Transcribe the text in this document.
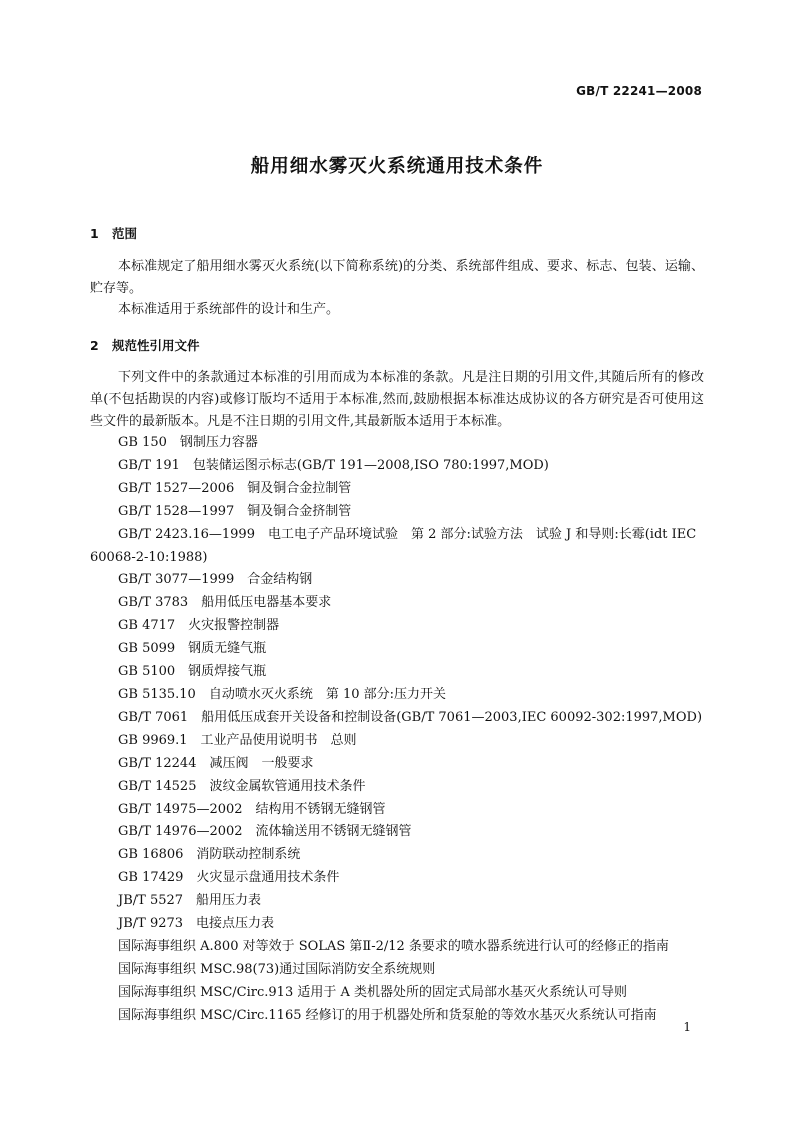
GB/T 22241—2008
船用细水雾灭火系统通用技术条件
1 范围
本标准规定了船用细水雾灭火系统(以下简称系统)的分类、系统部件组成、要求、标志、包装、运输、贮存等。
本标准适用于系统部件的设计和生产。
2 规范性引用文件
下列文件中的条款通过本标准的引用而成为本标准的条款。凡是注日期的引用文件,其随后所有的修改单(不包括勘误的内容)或修订版均不适用于本标准,然而,鼓励根据本标准达成协议的各方研究是否可使用这些文件的最新版本。凡是不注日期的引用文件,其最新版本适用于本标准。
GB 150　钢制压力容器
GB/T 191　包装储运图示标志(GB/T 191—2008,ISO 780:1997,MOD)
GB/T 1527—2006　铜及铜合金拉制管
GB/T 1528—1997　铜及铜合金挤制管
GB/T 2423.16—1999　电工电子产品环境试验　第 2 部分:试验方法　试验 J 和导则:长霉(idt IEC 60068-2-10:1988)
GB/T 3077—1999　合金结构钢
GB/T 3783　船用低压电器基本要求
GB 4717　火灾报警控制器
GB 5099　钢质无缝气瓶
GB 5100　钢质焊接气瓶
GB 5135.10　自动喷水灭火系统　第 10 部分:压力开关
GB/T 7061　船用低压成套开关设备和控制设备(GB/T 7061—2003,IEC 60092-302:1997,MOD)
GB 9969.1　工业产品使用说明书　总则
GB/T 12244　减压阀　一般要求
GB/T 14525　波纹金属软管通用技术条件
GB/T 14975—2002　结构用不锈钢无缝钢管
GB/T 14976—2002　流体输送用不锈钢无缝钢管
GB 16806　消防联动控制系统
GB 17429　火灾显示盘通用技术条件
JB/T 5527　船用压力表
JB/T 9273　电接点压力表
国际海事组织 A.800 对等效于 SOLAS 第Ⅱ-2/12 条要求的喷水器系统进行认可的经修正的指南
国际海事组织 MSC.98(73)通过国际消防安全系统规则
国际海事组织 MSC/Circ.913 适用于 A 类机器处所的固定式局部水基灭火系统认可导则
国际海事组织 MSC/Circ.1165 经修订的用于机器处所和货泵舱的等效水基灭火系统认可指南
1
